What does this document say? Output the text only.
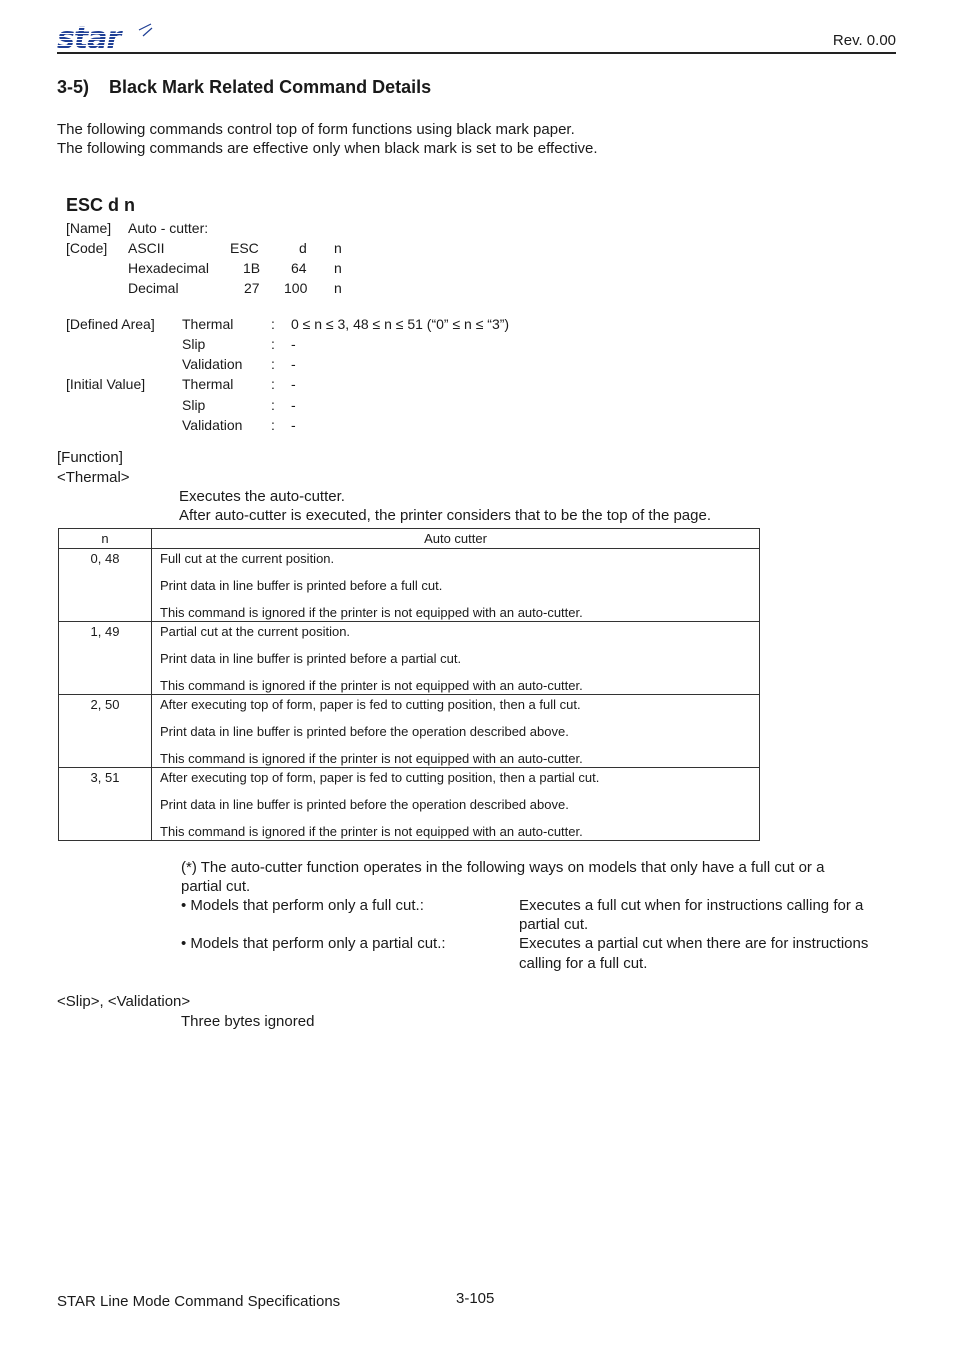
star	Rev. 0.00
3-5)    Black Mark Related Command Details
The following commands control top of form functions using black mark paper.
The following commands are effective only when black mark is set to be effective.
ESC d n
[Name] Auto - cutter:
[Code] ASCII	ESC	d n
Hexadecimal 1B 64 n
Decimal	27 100 n
[Defined Area] Thermal	: 0 ≤ n ≤ 3, 48 ≤ n ≤ 51 (“0” ≤ n ≤ “3”)
Slip	: -
Validation : -
[Initial Value]	Thermal	: -
Slip	: -
Validation : -
[Function]
<Thermal>
Executes the auto-cutter.
After auto-cutter is executed, the printer considers that to be the top of the page.
n	Auto cutter
0, 48	Full cut at the current position.
Print data in line buffer is printed before a full cut.
This command is ignored if the printer is not equipped with an auto-cutter.

1, 49	Partial cut at the current position.
Print data in line buffer is printed before a partial cut.
This command is ignored if the printer is not equipped with an auto-cutter.

2, 50	After executing top of form, paper is fed to cutting position, then a full cut.
Print data in line buffer is printed before the operation described above.
This command is ignored if the printer is not equipped with an auto-cutter.

3, 51	After executing top of form, paper is fed to cutting position, then a partial cut.
Print data in line buffer is printed before the operation described above.
This command is ignored if the printer is not equipped with an auto-cutter.
(*) The auto-cutter function operates in the following ways on models that only have a full cut or a
partial cut.
• Models that perform only a full cut.:	Executes a full cut when for instructions calling for a
partial cut.
• Models that perform only a partial cut.:	Executes a partial cut when there are for instructions
calling for a full cut.
<Slip>, <Validation>
Three bytes ignored
STAR Line Mode Command Specifications	3-105
